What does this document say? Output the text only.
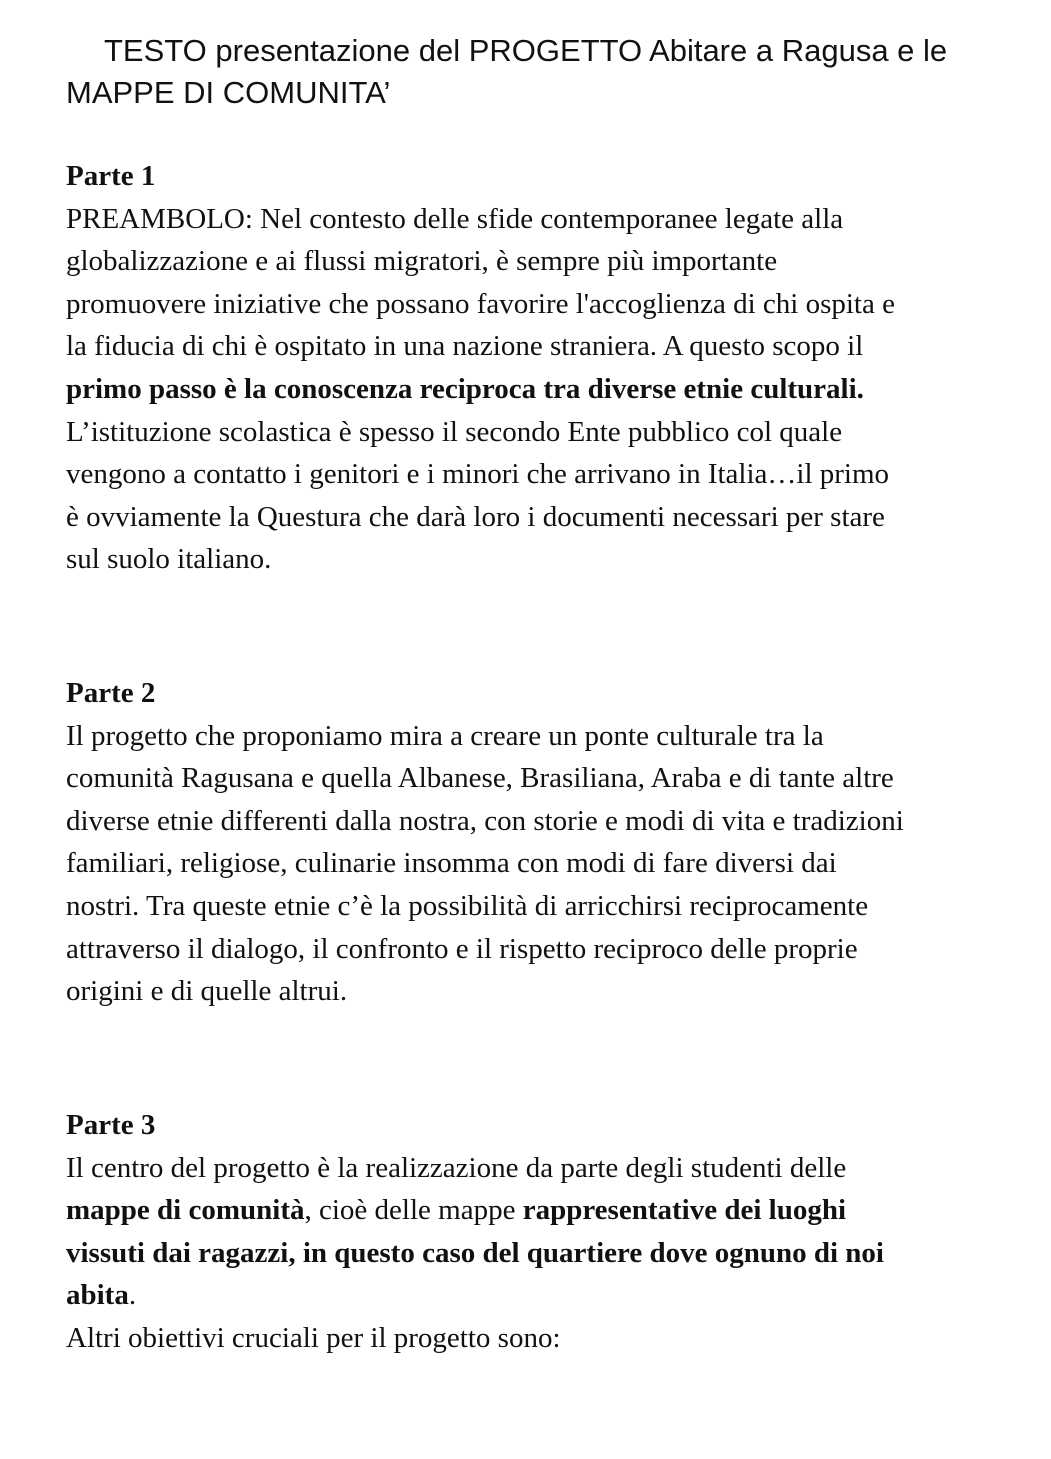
TESTO presentazione del PROGETTO Abitare a Ragusa e le
MAPPE DI COMUNITA’
Parte 1

PREAMBOLO: Nel contesto delle sfide contemporanee legate alla
globalizzazione e ai flussi migratori, è sempre più importante
promuovere iniziative che possano favorire l'accoglienza di chi ospita e
la fiducia di chi è ospitato in una nazione straniera. A questo scopo il
primo passo è la conoscenza reciproca tra diverse etnie culturali.
L’istituzione scolastica è spesso il secondo Ente pubblico col quale
vengono a contatto i genitori e i minori che arrivano in Italia…il primo
è ovviamente la Questura che darà loro i documenti necessari per stare
sul suolo italiano.

Parte 2

Il progetto che proponiamo mira a creare un ponte culturale tra la
comunità Ragusana e quella Albanese, Brasiliana, Araba e di tante altre
diverse etnie differenti dalla nostra, con storie e modi di vita e tradizioni
familiari, religiose, culinarie insomma con modi di fare diversi dai
nostri. Tra queste etnie c’è la possibilità di arricchirsi reciprocamente
attraverso il dialogo, il confronto e il rispetto reciproco delle proprie
origini e di quelle altrui.

Parte 3

Il centro del progetto è la realizzazione da parte degli studenti delle
mappe di comunità, cioè delle mappe rappresentative dei luoghi
vissuti dai ragazzi, in questo caso del quartiere dove ognuno di noi
abita.
Altri obiettivi cruciali per il progetto sono:
